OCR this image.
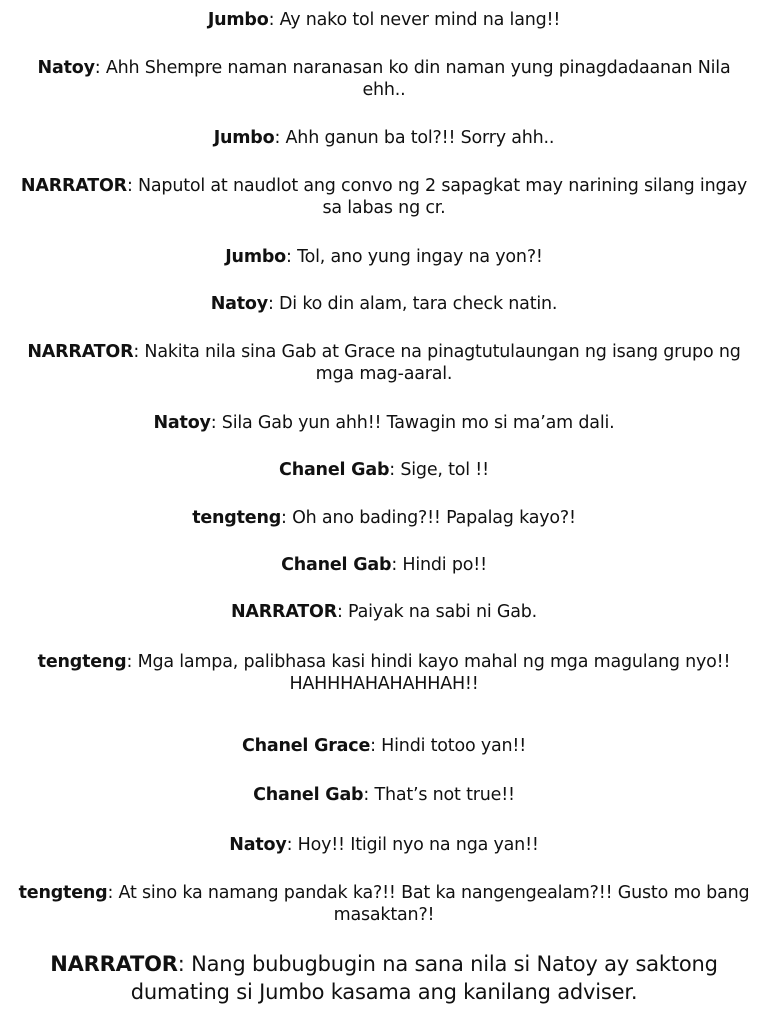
Jumbo: Ay nako tol never mind na lang!!

Natoy: Ahh Shempre naman naranasan ko din naman yung pinagdadaanan Nila ehh..

Jumbo: Ahh ganun ba tol?!! Sorry ahh..

NARRATOR: Naputol at naudlot ang convo ng 2 sapagkat may narining silang ingay sa labas ng cr.

Jumbo: Tol, ano yung ingay na yon?!

Natoy: Di ko din alam, tara check natin.

NARRATOR: Nakita nila sina Gab at Grace na pinagtutulaungan ng isang grupo ng mga mag-aaral.

Natoy: Sila Gab yun ahh!! Tawagin mo si ma’am dali.

Chanel Gab: Sige, tol !!

tengteng: Oh ano bading?!! Papalag kayo?!

Chanel Gab: Hindi po!!

NARRATOR: Paiyak na sabi ni Gab.

tengteng: Mga lampa, palibhasa kasi hindi kayo mahal ng mga magulang nyo!! HAHHHAHAHAHHAH!!

Chanel Grace: Hindi totoo yan!!

Chanel Gab: That’s not true!!

Natoy: Hoy!! Itigil nyo na nga yan!!

tengteng: At sino ka namang pandak ka?!! Bat ka nangengealam?!! Gusto mo bang masaktan?!

NARRATOR: Nang bubugbugin na sana nila si Natoy ay saktong dumating si Jumbo kasama ang kanilang adviser.
